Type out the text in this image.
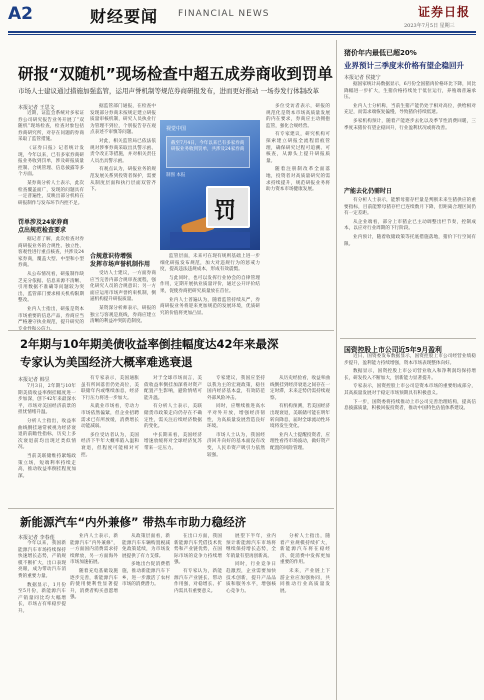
A2	财经要闻 FINANCIAL NEWS	证券日报
2023年7月5日 星期三
研报“双随机”现场检查中超五成券商收到罚单
市场人士建议通过措施加强监管，运用声誉机制等规范券商研报发布，进而更好推动 一场券发行体制改革
本报记者 王思文

近期，证监会系统对多家证券公司研究报告业务开展了“双随机”现场检查，检查对象包括券商研究所，对存在问题的券商采取了监管措施。

《证券日报》记者统计发现，今年以来，已有多家券商研报业务收到罚单，涉及研报质量控制、合规管理、信息披露等多个方面。

某券商分析人士表示，此次检查覆盖面广，发现的问题具有一定普遍性，反映出部分机构在研报制作与发布环节内控不足。

罚单涉及24家券商
点出规范检查要求

据记者了解，此次检查对券商研报业务的合规性、独立性、客观性进行重点核查，共涉及24家券商，覆盖大型、中型和小型券商。

从公布情况看，研报制作缺乏充分依据、信息来源不清晰、引用数据不准确等问题较为突出，监管部门要求相关机构限期整改。

业内人士指出，研报是资本市场重要的信息产品，券商应当严格遵守执业规范，提升研究的

据监管部门通报，在检查中发现部分券商未按规定建立研报质量审核机制，研究人员执业行为管理不到位，个别报告存在观点表述不审慎等问题。

对此，相关监管局已依法依规对涉事券商采取出具警示函、责令改正等措施，并对相关责任人员出具警示函。

有观点认为，研报业务的规范发展关系到投资者保护，需要从制度层面和执行层面双管齐下。

合规意识待增强
发挥市场声誉机制作用

受访人士建议，一方面券商应当完善内部合规审查流程，强化研究人员的合规意识；另一方面应运用市场声誉约束机制，倒逼机构提升研报质量。

某资深分析师表示，研报的独立与客观是底线，券商应建立清晰的利益冲突防范制度。

视觉中国
截至7月4日，今年以来已有多家券商研报业务收到罚单，共涉及24家券商
制图 本报
罚

监管层面，未来可在现有规则基础上进一步细化研报发布规范，加大对违规行为的惩戒力度，提高违法违规成本，形成有效震慑。

与此同时，也可以发挥行业协会的自律管理作用，定期开展执业质量评价，通过公开评价结果，促使券商把研究质量放在首位。

业内人士普遍认为，随着监管持续从严，券商研报业务将迎来更加规范的发展环境，优质研究的价值将更加凸显。

多位受访者表示，研报的规范化是资本市场高质量发展的内在要求，券商应主动拥抱监管，强化合规经营。

有专家建议，研究机构可探索建立研报全流程留痕管理，确保研究过程可追溯、可核查，从源头上提升研报质量。

随着注册制改革全面落地，投资者对高质量研究的需求持续提升，规范研报业务将助力资本市场健康发展。

猪价年内最低已超20%
业界预计三季度末价格有望企稳回升
本报记者 侯捷宁

据国家统计局数据显示，6月份全国猪肉价格环比下降，同比降幅进一步扩大，生猪价格持续处于低位运行，养殖端普遍承压。

业内人士分析称，当前生猪产能仍处于相对高位，供给相对充足，而需求端恢复偏慢，导致猪价持续低迷。

多家机构预计，随着产能逐步去化以及季节性消费回暖，三季度末猪价有望企稳回升，行业盈利状况或将改善。

产能去化仍需时日

有分析人士表示，能繁母猪存栏量是判断未来生猪供应的重要指标，目前能繁母猪存栏已连续数月下降，但距离合理区间仍有一定差距。

从企业端看，部分上市猪企已主动调整出栏节奏，控制成本，以应对行业周期的下行阶段。

业内预计，随着收储政策等托底措施落地，猪价下行空间有限。

国资控股上市公司近5年9月盈利

近日，国资委发布数据显示，国资控股上市公司经营业绩稳步提升，盈利能力持续增强，资本市场表现整体向好。

数据显示，国资控股上市公司营业收入和净利润均保持增长，研发投入不断加大，创新能力显著提升。

专家表示，国资控股上市公司是资本市场的重要组成部分，其高质量发展对于稳定市场预期具有积极意义。

下一步，国资委将持续推动上市公司完善治理结构，提高信息披露质量，积极回报投资者，推动中国特色估值体系建设。

2年期与10年期美债收益率倒挂幅度达42年来最深
专家认为美国经济大概率难逃衰退
本报记者 韩昱

7月3日，2年期与10年期美债收益率倒挂幅度进一步加深，创下42年来最深水平，市场对美国经济前景的担忧情绪升温。

分析人士指出，收益率曲线倒挂通常被视为经济衰退的前瞻性指标，历史上多次衰退前均出现过类似情况。

当前美联储维持紧缩政策立场，短端利率持续走高，推动收益率倒挂程度加深。

有专家表示，美国通胀虽有所回落但仍处高位，美联储年内或继续加息，经济下行压力将进一步加大。

从就业市场看，劳动力市场依然偏紧，但企业招聘需求已有所放缓，消费增长动能减弱。

多位受访者认为，美国经济下半年大概率陷入温和衰退，但程度可能相对可控。

对于全球市场而言，美债收益率倒挂加深将对资产配置产生影响，避险情绪可能升温。

有分析人士表示，美联储货币政策走向仍存在不确定性，需关注后续经济数据的变化。

中长期来看，美国经济增速放缓将对全球经济复苏带来一定压力。

专家建议，我国应坚持以我为主的宏观政策，稳住国内经济基本盘，有效防范外部风险冲击。

同时，应继续推进高水平对外开放，增强经济韧性，为高质量发展营造良好环境。

市场人士认为，我国经济回升向好的基本面没有改变，人民币资产吸引力依然较强。

从历史经验看，收益率曲线倒挂到经济衰退之间存在一定时滞，未来走势仍需持续观察。

有机构预测，若美国经济出现衰退，美联储可能在明年转向降息，届时全球流动性环境将发生变化。

业内人士提醒投资者，应理性看待市场波动，做好资产配置的风险管理。

新能源汽车“内外兼修” 带热车市助力稳经济
本报记者 李春莲

今年以来，我国新能源汽车市场持续保持快速增长态势，产销规模不断扩大，出口表现亮眼，成为带动汽车消费的重要力量。

数据显示，1月份至5月份，新能源汽车产销量同比均大幅增长，市场占有率稳步提升。

业内人士表示，新能源汽车“内外兼修”，一方面国内消费需求持续释放，另一方面海外市场加速拓展。

随着充电基础设施逐步完善，新能源汽车的使用便利性显著提升，消费者购买意愿增强。

从政策层面看，新能源汽车车辆购置税减免政策延续，为市场发展提供了有力支撑。

多地出台促消费措施，推动新能源汽车下乡，进一步激活了农村市场的消费潜力。

在出口方面，我国新能源汽车凭借技术优势和产业链优势，在国际市场的竞争力持续增强。

有专家认为，新能源汽车产业链长、带动作用强，对稳增长、扩内需具有重要意义。

展望下半年，业内预计新能源汽车市场将继续保持增长态势，全年销量有望再创新高。

同时，行业竞争日趋激烈，企业需要加快技术创新，提升产品品质和服务水平，增强核心竞争力。

分析人士指出，随着产业规模持续扩大，新能源汽车将在稳经济、促消费中发挥更加重要的作用。

未来，产业链上下游企业应加强协同，共同推动行业高质量发展。
